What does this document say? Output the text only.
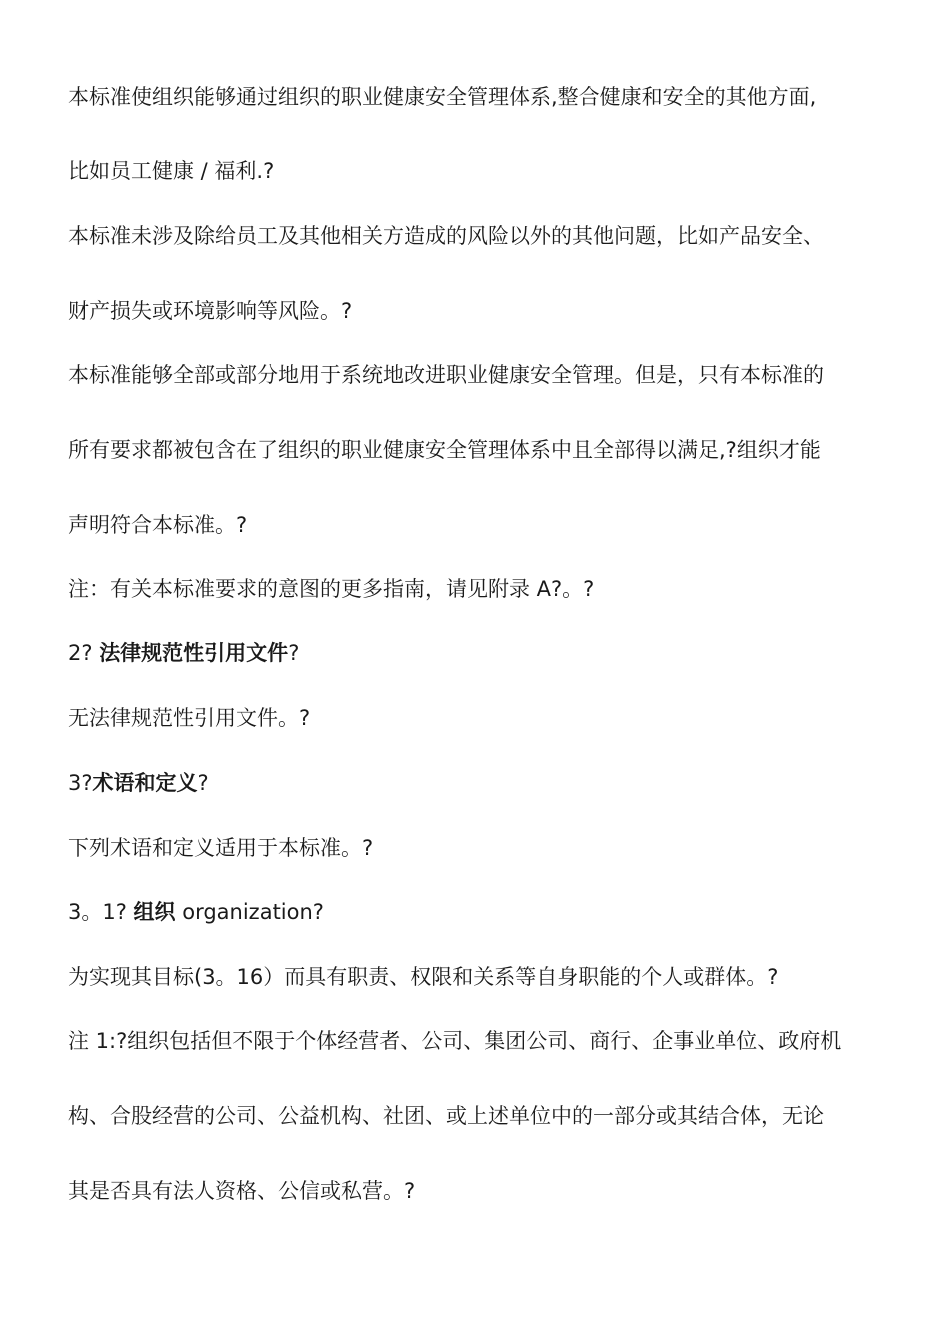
本标准使组织能够通过组织的职业健康安全管理体系,整合健康和安全的其他方面,
比如员工健康 / 福利.?
本标准未涉及除给员工及其他相关方造成的风险以外的其他问题，比如产品安全、
财产损失或环境影响等风险。?
本标准能够全部或部分地用于系统地改进职业健康安全管理。但是，只有本标准的
所有要求都被包含在了组织的职业健康安全管理体系中且全部得以满足,?组织才能
声明符合本标准。?
注：有关本标准要求的意图的更多指南，请见附录 A?。?
2? 法律规范性引用文件?
无法律规范性引用文件。?
3?术语和定义?
下列术语和定义适用于本标准。?
3。1? 组织 organization?
为实现其目标(3。16）而具有职责、权限和关系等自身职能的个人或群体。?
注 1:?组织包括但不限于个体经营者、公司、集团公司、商行、企事业单位、政府机
构、合股经营的公司、公益机构、社团、或上述单位中的一部分或其结合体，无论
其是否具有法人资格、公信或私营。?
